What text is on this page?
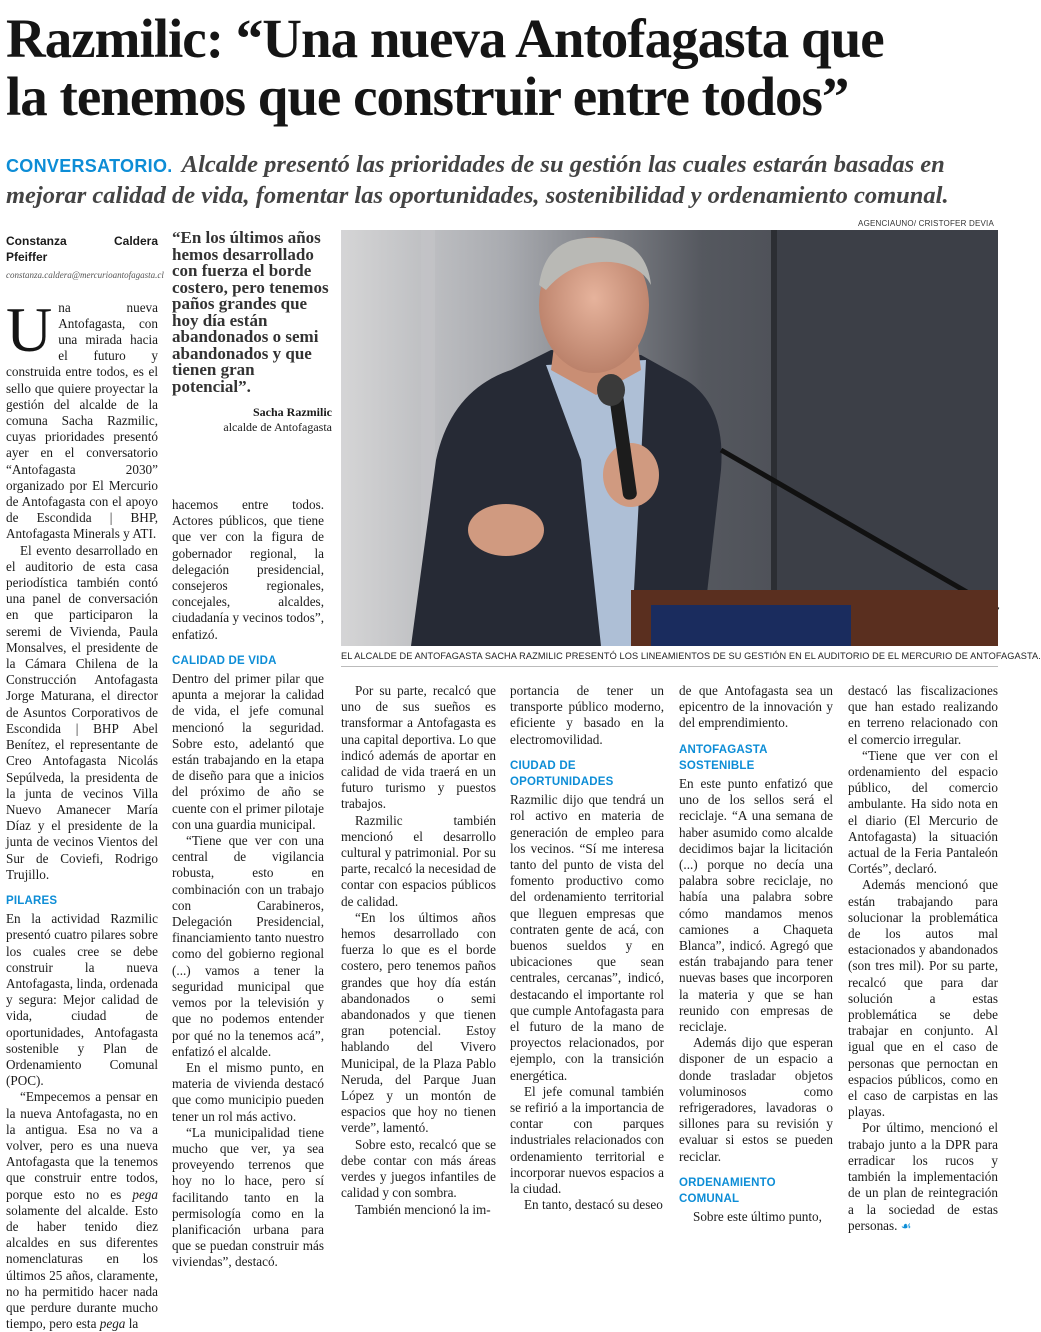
Razmilic: “Una nueva Antofagasta que
la tenemos que construir entre todos”
CONVERSATORIO. Alcalde presentó las prioridades de su gestión las cuales estarán basadas en mejorar calidad de vida, fomentar las oportunidades, sostenibilidad y ordenamiento comunal.
AGENCIAUNO/ CRISTOFER DEVIA
Constanza Caldera Pfeiffer
constanza.caldera@mercurioantofagasta.cl

Una nueva Antofagasta, con una mirada hacia el futuro y construida entre todos, es el sello que quiere proyectar la gestión del alcalde de la comuna Sacha Razmilic, cuyas prioridades presentó ayer en el conversatorio “Antofagasta 2030” organizado por El Mercurio de Antofagasta con el apoyo de Escondida | BHP, Antofagasta Minerals y ATI.

El evento desarrollado en el auditorio de esta casa periodística también contó una panel de conversación en que participaron la seremi de Vivienda, Paula Monsalves, el presidente de la Cámara Chilena de la Construcción Antofagasta Jorge Maturana, el director de Asuntos Corporativos de Escondida | BHP Abel Benítez, el representante de Creo Antofagasta Nicolás Sepúlveda, la presidenta de la junta de vecinos Villa Nuevo Amanecer María Díaz y el presidente de la junta de vecinos Vientos del Sur de Coviefi, Rodrigo Trujillo.

PILARES

En la actividad Razmilic presentó cuatro pilares sobre los cuales cree se debe construir la nueva Antofagasta, linda, ordenada y segura: Mejor calidad de vida, ciudad de oportunidades, Antofagasta sostenible y Plan de Ordenamiento Comunal (POC).

“Empecemos a pensar en la nueva Antofagasta, no en la antigua. Esa no va a volver, pero es una nueva Antofagasta que la tenemos que construir entre todos, porque esto no es pega solamente del alcalde. Esto de haber tenido diez alcaldes en sus diferentes nomenclaturas en los últimos 25 años, claramente, no ha permitido hacer nada que perdure durante mucho tiempo, pero esta pega la

“En los últimos años hemos desarrollado con fuerza el borde costero, pero tenemos paños grandes que hoy día están abandonados o semi abandonados y que tienen gran potencial”.
Sacha Razmilic
alcalde de Antofagasta

hacemos entre todos. Actores públicos, que tiene que ver con la figura de gobernador regional, la delegación presidencial, consejeros regionales, concejales, alcaldes, ciudadanía y vecinos todos”, enfatizó.

CALIDAD DE VIDA

Dentro del primer pilar que apunta a mejorar la calidad de vida, el jefe comunal mencionó la seguridad. Sobre esto, adelantó que están trabajando en la etapa de diseño para que a inicios del próximo de año se cuente con el primer pilotaje con una guardia municipal.

“Tiene que ver con una central de vigilancia robusta, esto en combinación con un trabajo con Carabineros, Delegación Presidencial, financiamiento tanto nuestro como del gobierno regional (...) vamos a tener la seguridad municipal que vemos por la televisión y que no podemos entender por qué no la tenemos acá”, enfatizó el alcalde.

En el mismo punto, en materia de vivienda destacó que como municipio pueden tener un rol más activo.

“La municipalidad tiene mucho que ver, ya sea proveyendo terrenos que hoy no lo hace, pero sí facilitando tanto en la permisología como en la planificación urbana para que se puedan construir más viviendas”, destacó.

EL ALCALDE DE ANTOFAGASTA SACHA RAZMILIC PRESENTÓ LOS LINEAMIENTOS DE SU GESTIÓN EN EL AUDITORIO DE EL MERCURIO DE ANTOFAGASTA.

Por su parte, recalcó que uno de sus sueños es transformar a Antofagasta es una capital deportiva. Lo que indicó además de aportar en calidad de vida traerá en un futuro turismo y puestos trabajos.

Razmilic también mencionó el desarrollo cultural y patrimonial. Por su parte, recalcó la necesidad de contar con espacios públicos de calidad.

“En los últimos años hemos desarrollado con fuerza lo que es el borde costero, pero tenemos paños grandes que hoy día están abandonados o semi abandonados y que tienen gran potencial. Estoy hablando del Vivero Municipal, de la Plaza Pablo Neruda, del Parque Juan López y un montón de espacios que hoy no tienen verde”, lamentó.

Sobre esto, recalcó que se debe contar con más áreas verdes y juegos infantiles de calidad y con sombra.

También mencionó la im-

portancia de tener un transporte público moderno, eficiente y basado en la electromovilidad.

CIUDAD DE OPORTUNIDADES

Razmilic dijo que tendrá un rol activo en materia de generación de empleo para los vecinos. “Sí me interesa tanto del punto de vista del fomento productivo como del ordenamiento territorial que lleguen empresas que contraten gente de acá, con buenos sueldos y en ubicaciones que sean centrales, cercanas”, indicó, destacando el importante rol que cumple Antofagasta para el futuro de la mano de proyectos relacionados, por ejemplo, con la transición energética.

El jefe comunal también se refirió a la importancia de contar con parques industriales relacionados con ordenamiento territorial e incorporar nuevos espacios a la ciudad.

En tanto, destacó su deseo

de que Antofagasta sea un epicentro de la innovación y del emprendimiento.

ANTOFAGASTA SOSTENIBLE

En este punto enfatizó que uno de los sellos será el reciclaje. “A una semana de haber asumido como alcalde decidimos bajar la licitación (...) porque no decía una palabra sobre reciclaje, no había una palabra sobre cómo mandamos menos camiones a Chaqueta Blanca”, indicó. Agregó que están trabajando para tener nuevas bases que incorporen la materia y que se han reunido con empresas de reciclaje.

Además dijo que esperan disponer de un espacio a donde trasladar objetos voluminosos como refrigeradores, lavadoras o sillones para su revisión y evaluar si estos se pueden reciclar.

ORDENAMIENTO COMUNAL

Sobre este último punto,

destacó las fiscalizaciones que han estado realizando en terreno relacionado con el comercio irregular.

“Tiene que ver con el ordenamiento del espacio público, del comercio ambulante. Ha sido nota en el diario (El Mercurio de Antofagasta) la situación actual de la Feria Pantaleón Cortés”, declaró.

Además mencionó que están trabajando para solucionar la problemática de los autos mal estacionados y abandonados (son tres mil). Por su parte, recalcó que para dar solución a estas problemática se debe trabajar en conjunto. Al igual que en el caso de personas que pernoctan en espacios públicos, como en el caso de carpistas en las playas.

Por último, mencionó el trabajo junto a la DPR para erradicar los rucos y también la implementación de un plan de reintegración a la sociedad de estas personas. ☙
